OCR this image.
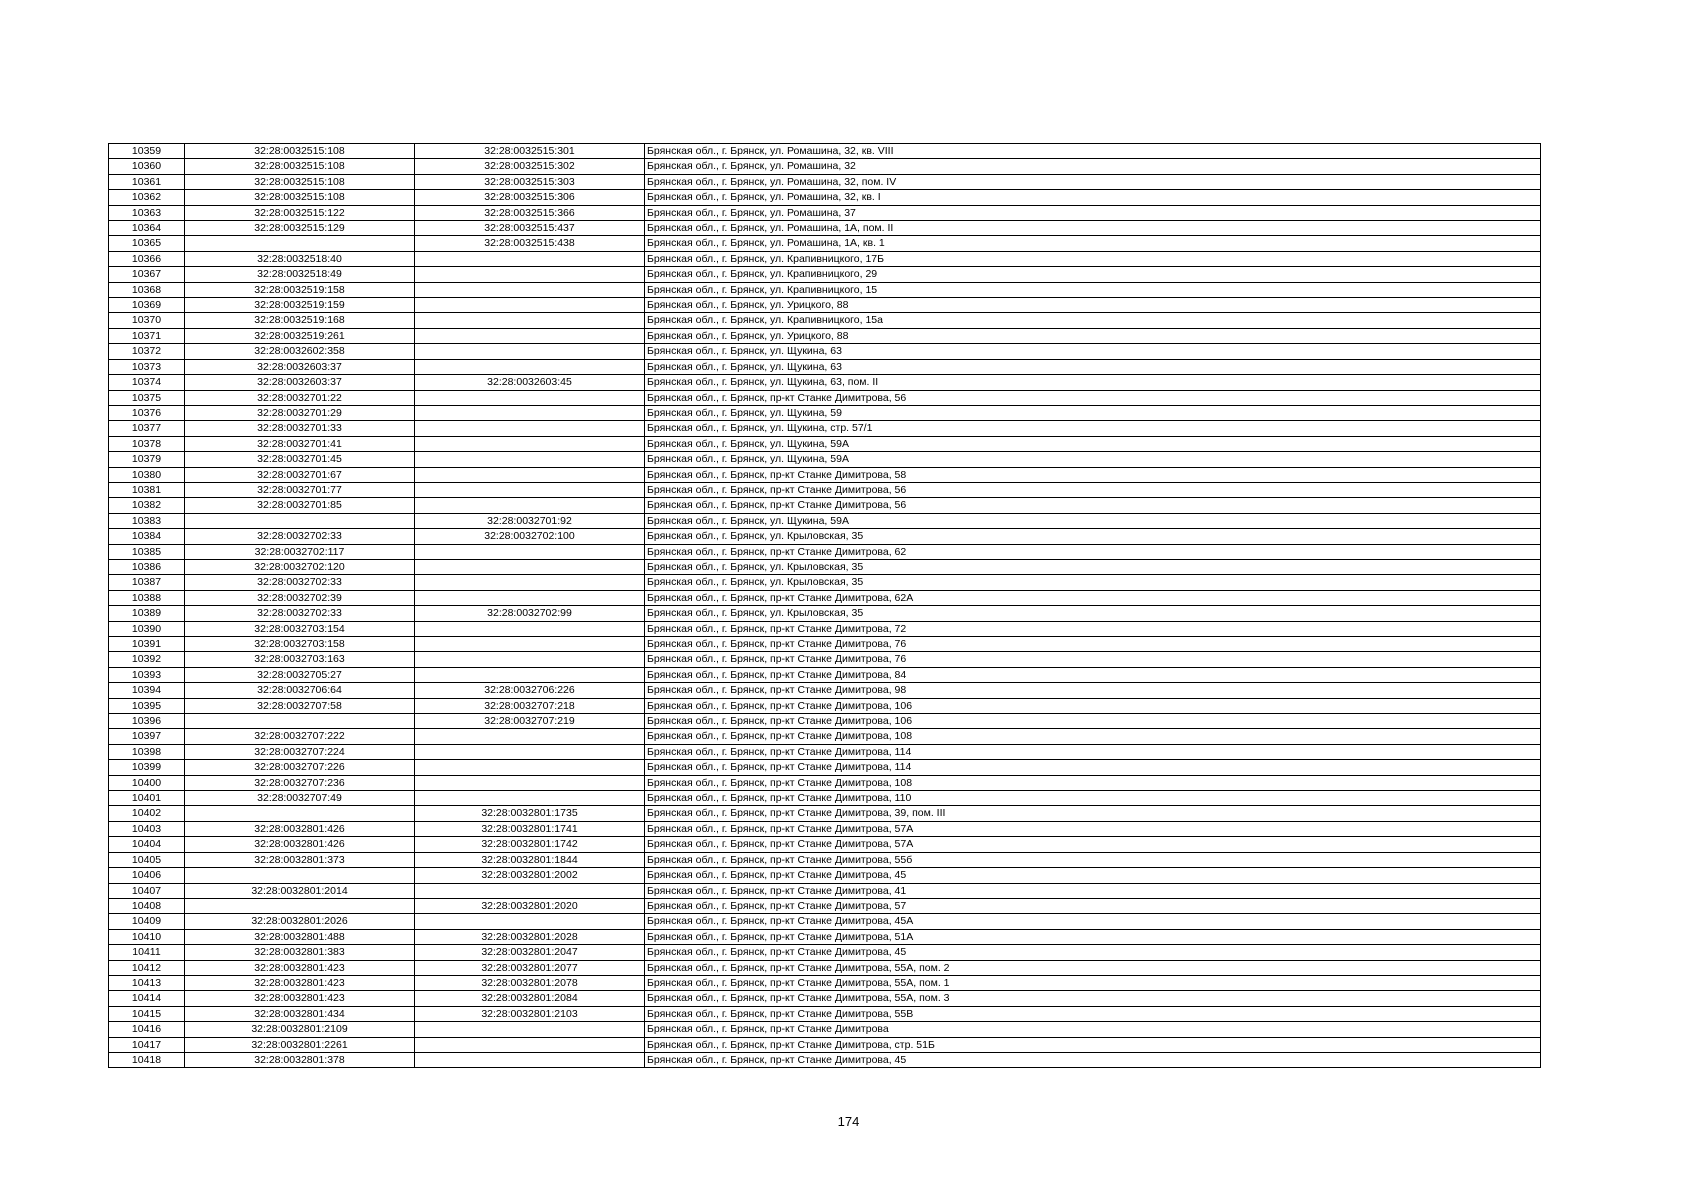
10359	32:28:0032515:108	32:28:0032515:301	Брянская обл., г. Брянск, ул. Ромашина, 32, кв. VIII
10360	32:28:0032515:108	32:28:0032515:302	Брянская обл., г. Брянск, ул. Ромашина, 32
10361	32:28:0032515:108	32:28:0032515:303	Брянская обл., г. Брянск, ул. Ромашина, 32, пом. IV
10362	32:28:0032515:108	32:28:0032515:306	Брянская обл., г. Брянск, ул. Ромашина, 32, кв. I
10363	32:28:0032515:122	32:28:0032515:366	Брянская обл., г. Брянск, ул. Ромашина, 37
10364	32:28:0032515:129	32:28:0032515:437	Брянская обл., г. Брянск, ул. Ромашина, 1А, пом. II
10365		32:28:0032515:438	Брянская обл., г. Брянск, ул. Ромашина, 1А, кв. 1
10366	32:28:0032518:40		Брянская обл., г. Брянск, ул. Крапивницкого, 17Б
10367	32:28:0032518:49		Брянская обл., г. Брянск, ул. Крапивницкого, 29
10368	32:28:0032519:158		Брянская обл., г. Брянск, ул. Крапивницкого, 15
10369	32:28:0032519:159		Брянская обл., г. Брянск, ул. Урицкого, 88
10370	32:28:0032519:168		Брянская обл., г. Брянск, ул. Крапивницкого, 15а
10371	32:28:0032519:261		Брянская обл., г. Брянск, ул. Урицкого, 88
10372	32:28:0032602:358		Брянская обл., г. Брянск, ул. Щукина, 63
10373	32:28:0032603:37		Брянская обл., г. Брянск, ул. Щукина, 63
10374	32:28:0032603:37	32:28:0032603:45	Брянская обл., г. Брянск, ул. Щукина, 63, пом. II
10375	32:28:0032701:22		Брянская обл., г. Брянск, пр-кт Станке Димитрова, 56
10376	32:28:0032701:29		Брянская обл., г. Брянск, ул. Щукина, 59
10377	32:28:0032701:33		Брянская обл., г. Брянск, ул. Щукина, стр. 57/1
10378	32:28:0032701:41		Брянская обл., г. Брянск, ул. Щукина, 59А
10379	32:28:0032701:45		Брянская обл., г. Брянск, ул. Щукина, 59А
10380	32:28:0032701:67		Брянская обл., г. Брянск, пр-кт Станке Димитрова, 58
10381	32:28:0032701:77		Брянская обл., г. Брянск, пр-кт Станке Димитрова, 56
10382	32:28:0032701:85		Брянская обл., г. Брянск, пр-кт Станке Димитрова, 56
10383		32:28:0032701:92	Брянская обл., г. Брянск, ул. Щукина, 59А
10384	32:28:0032702:33	32:28:0032702:100	Брянская обл., г. Брянск, ул. Крыловская, 35
10385	32:28:0032702:117		Брянская обл., г. Брянск, пр-кт Станке Димитрова, 62
10386	32:28:0032702:120		Брянская обл., г. Брянск, ул. Крыловская, 35
10387	32:28:0032702:33		Брянская обл., г. Брянск, ул. Крыловская, 35
10388	32:28:0032702:39		Брянская обл., г. Брянск, пр-кт Станке Димитрова, 62А
10389	32:28:0032702:33	32:28:0032702:99	Брянская обл., г. Брянск, ул. Крыловская, 35
10390	32:28:0032703:154		Брянская обл., г. Брянск, пр-кт Станке Димитрова, 72
10391	32:28:0032703:158		Брянская обл., г. Брянск, пр-кт Станке Димитрова, 76
10392	32:28:0032703:163		Брянская обл., г. Брянск, пр-кт Станке Димитрова, 76
10393	32:28:0032705:27		Брянская обл., г. Брянск, пр-кт Станке Димитрова, 84
10394	32:28:0032706:64	32:28:0032706:226	Брянская обл., г. Брянск, пр-кт Станке Димитрова, 98
10395	32:28:0032707:58	32:28:0032707:218	Брянская обл., г. Брянск, пр-кт Станке Димитрова, 106
10396		32:28:0032707:219	Брянская обл., г. Брянск, пр-кт Станке Димитрова, 106
10397	32:28:0032707:222		Брянская обл., г. Брянск, пр-кт Станке Димитрова, 108
10398	32:28:0032707:224		Брянская обл., г. Брянск, пр-кт Станке Димитрова, 114
10399	32:28:0032707:226		Брянская обл., г. Брянск, пр-кт Станке Димитрова, 114
10400	32:28:0032707:236		Брянская обл., г. Брянск, пр-кт Станке Димитрова, 108
10401	32:28:0032707:49		Брянская обл., г. Брянск, пр-кт Станке Димитрова, 110
10402		32:28:0032801:1735	Брянская обл., г. Брянск, пр-кт Станке Димитрова, 39, пом. III
10403	32:28:0032801:426	32:28:0032801:1741	Брянская обл., г. Брянск, пр-кт Станке Димитрова, 57А
10404	32:28:0032801:426	32:28:0032801:1742	Брянская обл., г. Брянск, пр-кт Станке Димитрова, 57А
10405	32:28:0032801:373	32:28:0032801:1844	Брянская обл., г. Брянск, пр-кт Станке Димитрова, 55б
10406		32:28:0032801:2002	Брянская обл., г. Брянск, пр-кт Станке Димитрова, 45
10407	32:28:0032801:2014		Брянская обл., г. Брянск, пр-кт Станке Димитрова, 41
10408		32:28:0032801:2020	Брянская обл., г. Брянск, пр-кт Станке Димитрова, 57
10409	32:28:0032801:2026		Брянская обл., г. Брянск, пр-кт Станке Димитрова, 45А
10410	32:28:0032801:488	32:28:0032801:2028	Брянская обл., г. Брянск, пр-кт Станке Димитрова, 51А
10411	32:28:0032801:383	32:28:0032801:2047	Брянская обл., г. Брянск, пр-кт Станке Димитрова, 45
10412	32:28:0032801:423	32:28:0032801:2077	Брянская обл., г. Брянск, пр-кт Станке Димитрова, 55А, пом. 2
10413	32:28:0032801:423	32:28:0032801:2078	Брянская обл., г. Брянск, пр-кт Станке Димитрова, 55А, пом. 1
10414	32:28:0032801:423	32:28:0032801:2084	Брянская обл., г. Брянск, пр-кт Станке Димитрова, 55А, пом. 3
10415	32:28:0032801:434	32:28:0032801:2103	Брянская обл., г. Брянск, пр-кт Станке Димитрова, 55В
10416	32:28:0032801:2109		Брянская обл., г. Брянск, пр-кт Станке Димитрова
10417	32:28:0032801:2261		Брянская обл., г. Брянск, пр-кт Станке Димитрова, стр. 51Б
10418	32:28:0032801:378		Брянская обл., г. Брянск, пр-кт Станке Димитрова, 45
174
